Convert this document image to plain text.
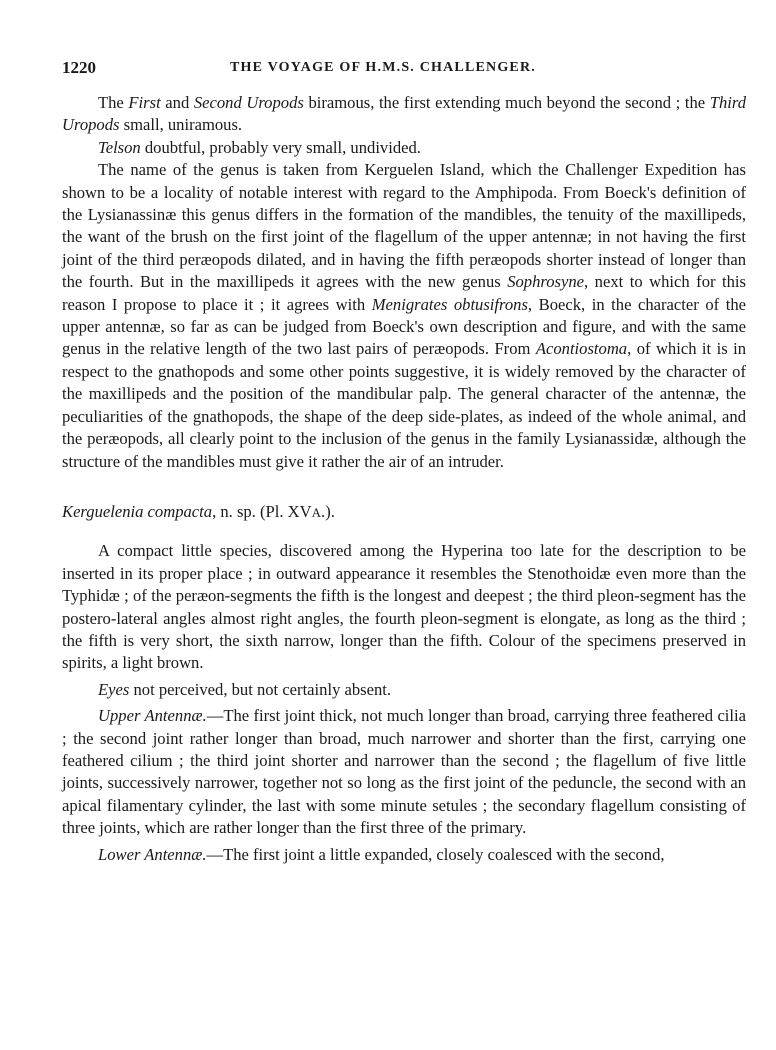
1220	THE VOYAGE OF H.M.S. CHALLENGER.

The First and Second Uropods biramous, the first extending much beyond the second ; the Third Uropods small, uniramous.

Telson doubtful, probably very small, undivided.

The name of the genus is taken from Kerguelen Island, which the Challenger Expedition has shown to be a locality of notable interest with regard to the Amphipoda. From Boeck's definition of the Lysianassinæ this genus differs in the formation of the mandibles, the tenuity of the maxillipeds, the want of the brush on the first joint of the flagellum of the upper antennæ; in not having the first joint of the third peræopods dilated, and in having the fifth peræopods shorter instead of longer than the fourth. But in the maxillipeds it agrees with the new genus Sophrosyne, next to which for this reason I propose to place it ; it agrees with Menigrates obtusifrons, Boeck, in the character of the upper antennæ, so far as can be judged from Boeck's own description and figure, and with the same genus in the relative length of the two last pairs of peræopods. From Acontiostoma, of which it is in respect to the gnathopods and some other points suggestive, it is widely removed by the character of the maxillipeds and the position of the mandibular palp. The general character of the antennæ, the peculiarities of the gnathopods, the shape of the deep side-plates, as indeed of the whole animal, and the peræopods, all clearly point to the inclusion of the genus in the family Lysianassidæ, although the structure of the mandibles must give it rather the air of an intruder.

Kerguelenia compacta, n. sp. (Pl. XVA.).

A compact little species, discovered among the Hyperina too late for the description to be inserted in its proper place ; in outward appearance it resembles the Stenothoidæ even more than the Typhidæ ; of the peræon-segments the fifth is the longest and deepest ; the third pleon-segment has the postero-lateral angles almost right angles, the fourth pleon-segment is elongate, as long as the third ; the fifth is very short, the sixth narrow, longer than the fifth. Colour of the specimens preserved in spirits, a light brown.

Eyes not perceived, but not certainly absent.

Upper Antennæ.—The first joint thick, not much longer than broad, carrying three feathered cilia ; the second joint rather longer than broad, much narrower and shorter than the first, carrying one feathered cilium ; the third joint shorter and narrower than the second ; the flagellum of five little joints, successively narrower, together not so long as the first joint of the peduncle, the second with an apical filamentary cylinder, the last with some minute setules ; the secondary flagellum consisting of three joints, which are rather longer than the first three of the primary.

Lower Antennæ.—The first joint a little expanded, closely coalesced with the second,
